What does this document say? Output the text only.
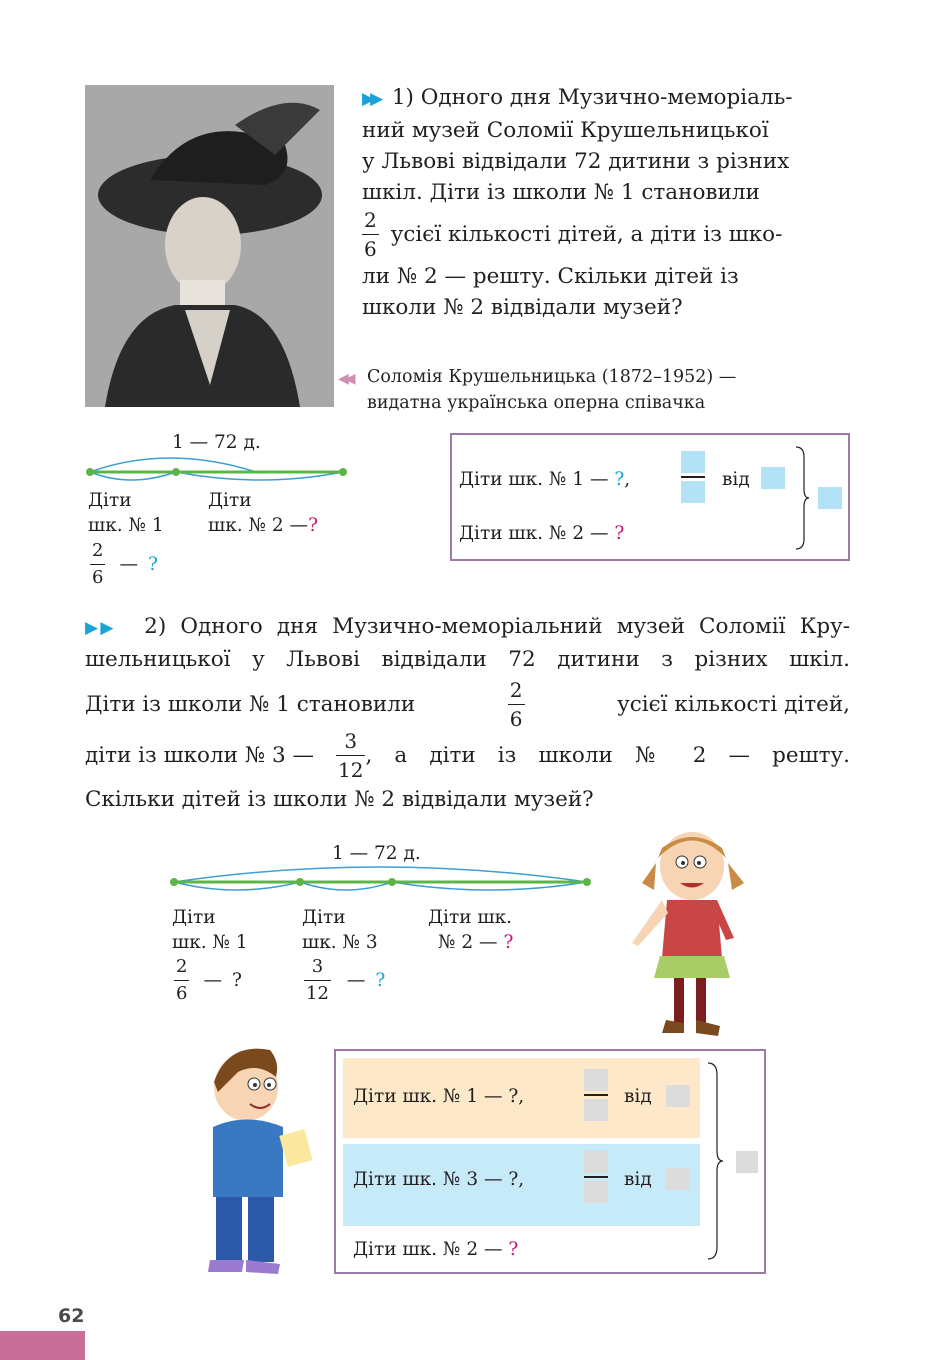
▶▶ 1) Одного дня Музично-меморіаль-
ний музей Соломії Крушельницької
у Львові відвідали 72 дитини з різних
шкіл. Діти із школи № 1 становили
$\frac{2}{6}$ усієї кількості дітей, а діти із шко-
ли № 2 — решту. Скільки дітей із
школи № 2 відвідали музей?
◀◀ Соломія Крушельницька (1872–1952) —
видатна українська оперна співачка
1 — 72 д.
Діти
шк. № 1
Діти
шк. № 2 —?
$\frac{2}{6}$ — ?
Діти шк. № 1 —
? ,	від
Діти шк. № 2 — ?
▶▶ 2) Одного дня Музично-меморіальний музей Соломії Кру-
шельницької у Львові відвідали 72 дитини з різних шкіл.
Діти із школи № 1 становили	$\frac{2}{6}$	усієї кількості дітей,
діти із школи № 3 — $\frac{3}{12}$ , а діти із школи № 2 — решту.
Скільки дітей із школи № 2 відвідали музей?
1 — 72 д.
Діти
шк. № 1
Діти
шк. № 3
Діти шк.
№ 2 — ?
$\frac{2}{6}$ — ?	$\frac{3}{12}$ — ?
Діти шк. № 1 — ?,	від
Діти шк. № 3 — ?,	від
Діти шк. № 2 — ?
62
